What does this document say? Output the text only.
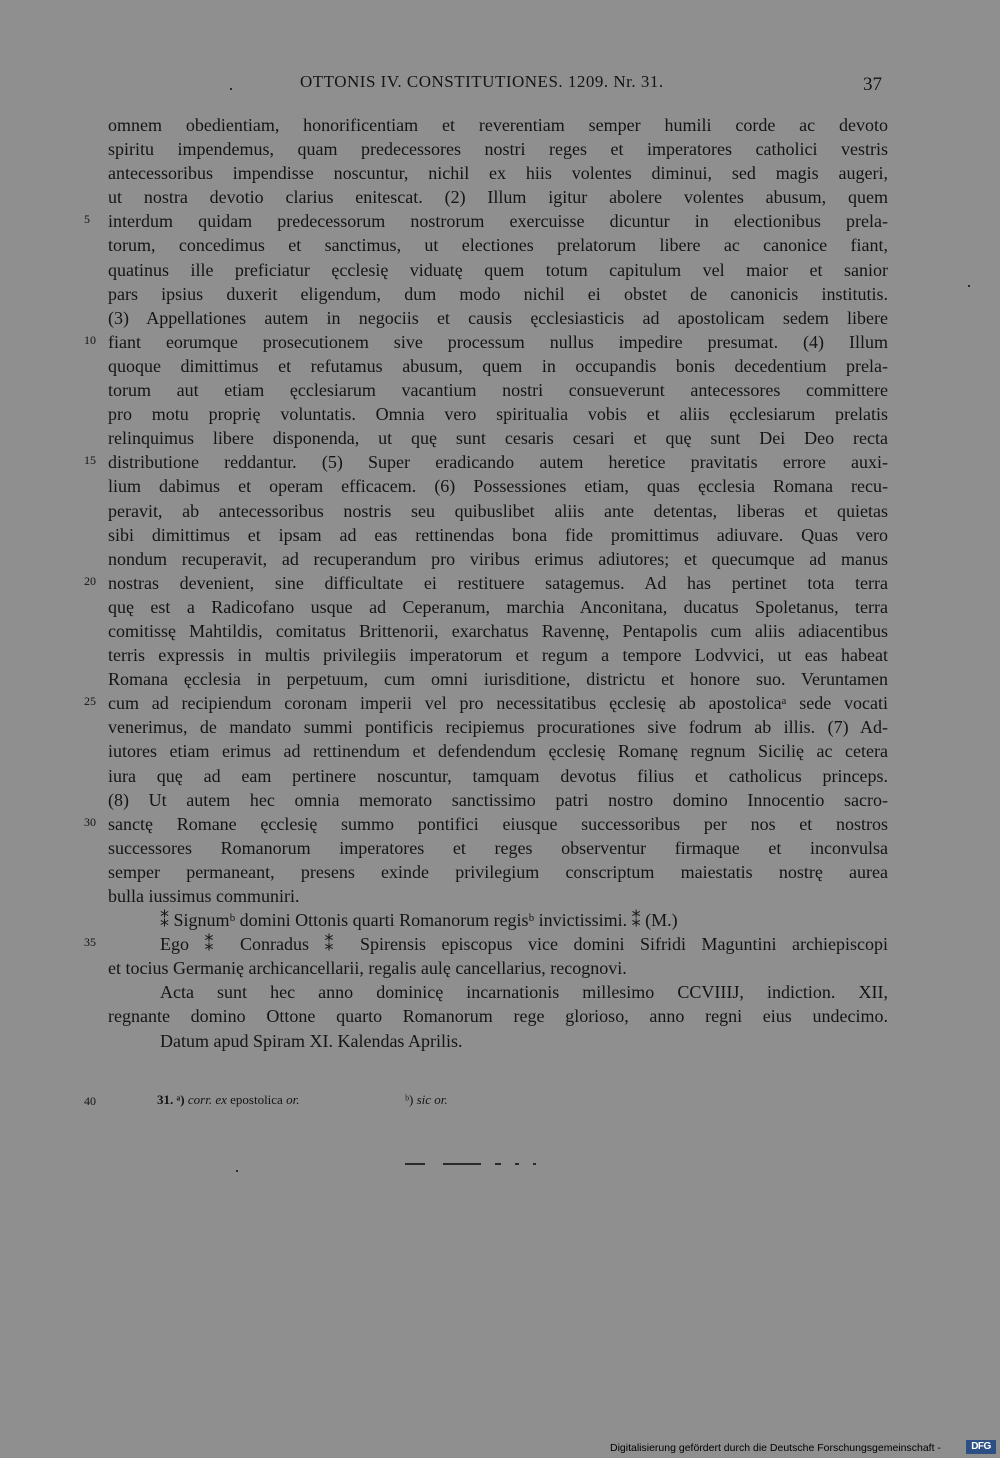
OTTONIS IV. CONSTITUTIONES. 1209. Nr. 31.	37
omnem obedientiam, honorificentiam et reverentiam semper humili corde ac devoto
spiritu impendemus, quam predecessores nostri reges et imperatores catholici vestris
antecessoribus impendisse noscuntur, nichil ex hiis volentes diminui, sed magis augeri,
ut nostra devotio clarius enitescat. (2) Illum igitur abolere volentes abusum, quem
5	interdum quidam predecessorum nostrorum exercuisse dicuntur in electionibus prela-
torum, concedimus et sanctimus, ut electiones prelatorum libere ac canonice fiant,
quatinus ille preficiatur ęcclesię viduatę quem totum capitulum vel maior et sanior
pars ipsius duxerit eligendum, dum modo nichil ei obstet de canonicis institutis.
(3) Appellationes autem in negociis et causis ęcclesiasticis ad apostolicam sedem libere
10 fiant eorumque prosecutionem sive processum nullus impedire presumat. (4) Illum
quoque dimittimus et refutamus abusum, quem in occupandis bonis decedentium prela-
torum aut etiam ęcclesiarum vacantium nostri consueverunt antecessores committere
pro motu proprię voluntatis. Omnia vero spiritualia vobis et aliis ęcclesiarum prelatis
relinquimus libere disponenda, ut quę sunt cesaris cesari et quę sunt Dei Deo recta
15 distributione reddantur. (5) Super eradicando autem heretice pravitatis errore auxi-
lium dabimus et operam efficacem. (6) Possessiones etiam, quas ęcclesia Romana recu-
peravit, ab antecessoribus nostris seu quibuslibet aliis ante detentas, liberas et quietas
sibi dimittimus et ipsam ad eas rettinendas bona fide promittimus adiuvare. Quas vero
nondum recuperavit, ad recuperandum pro viribus erimus adiutores; et quecumque ad manus
20 nostras devenient, sine difficultate ei restituere satagemus. Ad has pertinet tota terra
quę est a Radicofano usque ad Ceperanum, marchia Anconitana, ducatus Spoletanus, terra
comitissę Mahtildis, comitatus Brittenorii, exarchatus Ravennę, Pentapolis cum aliis adiacentibus
terris expressis in multis privilegiis imperatorum et regum a tempore Lodvvici, ut eas habeat
Romana ęcclesia in perpetuum, cum omni iurisditione, districtu et honore suo. Veruntamen
25 cum ad recipiendum coronam imperii vel pro necessitatibus ęcclesię ab apostolicaᵃ sede vocati
venerimus, de mandato summi pontificis recipiemus procurationes sive fodrum ab illis. (7) Ad-
iutores etiam erimus ad rettinendum et defendendum ęcclesię Romanę regnum Sicilię ac cetera
iura quę ad eam pertinere noscuntur, tamquam devotus filius et catholicus princeps.
(8) Ut autem hec omnia memorato sanctissimo patri nostro domino Innocentio sacro-
30 sanctę Romane ęcclesię summo pontifici eiusque successoribus per nos et nostros
successores Romanorum imperatores et reges observentur firmaque et inconvulsa
semper permaneant, presens exinde privilegium conscriptum maiestatis nostrę aurea
bulla iussimus communiri.
⁑ Signumᵇ domini Ottonis quarti Romanorum regisᵇ invictissimi. ⁑ (M.)
35	Ego ⁑ Conradus ⁑ Spirensis episcopus vice domini Sifridi Maguntini archiepiscopi
et tocius Germanię archicancellarii, regalis aulę cancellarius, recognovi.
Acta sunt hec anno dominicę incarnationis millesimo CCVIIIJ, indiction. XII,
regnante domino Ottone quarto Romanorum rege glorioso, anno regni eius undecimo.
Datum apud Spiram XI. Kalendas Aprilis.
40	31. ᵃ) corr. ex epostolica or.	ᵇ) sic or.
Digitalisierung gefördert durch die Deutsche Forschungsgemeinschaft -	DFG
